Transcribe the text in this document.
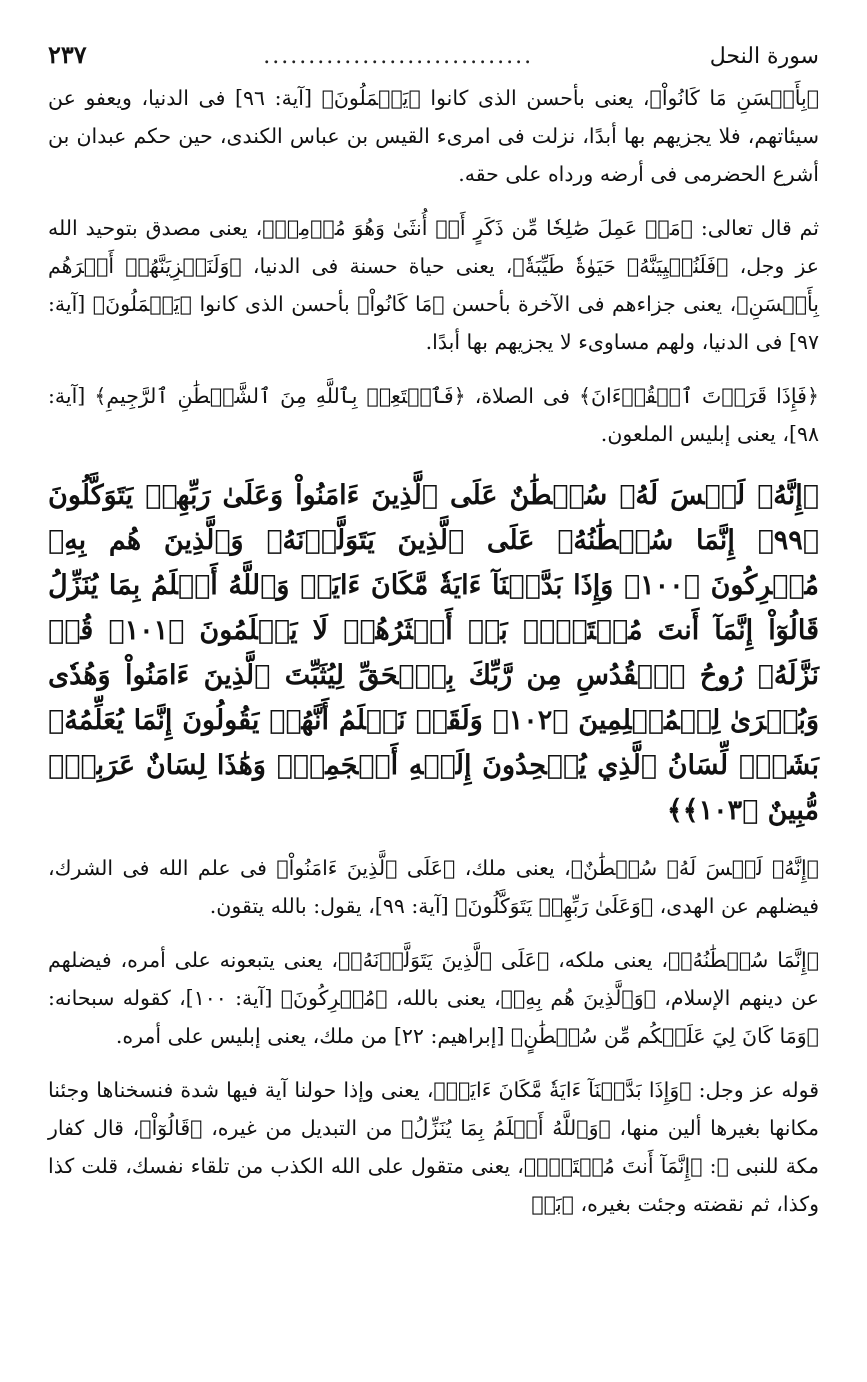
سورة النحل
..............................
٢٣٧

﴿بِأَحۡسَنِ مَا كَانُواْ﴾، يعنى بأحسن الذى كانوا ﴿يَعۡمَلُونَ﴾ [آية: ٩٦] فى الدنيا، ويعفو عن سيئاتهم، فلا يجزيهم بها أبدًا، نزلت فى امرىء القيس بن عباس الكندى، حين حكم عبدان بن أشرع الحضرمى فى أرضه ورداه على حقه.

ثم قال تعالى: ﴿مَنۡ عَمِلَ صَٰلِحٗا مِّن ذَكَرٍ أَوۡ أُنثَىٰ وَهُوَ مُؤۡمِنٞ﴾، يعنى مصدق بتوحيد الله عز وجل، ﴿فَلَنُحۡيِيَنَّهُۥ حَيَوٰةٗ طَيِّبَةٗ﴾، يعنى حياة حسنة فى الدنيا، ﴿وَلَنَجۡزِيَنَّهُمۡ أَجۡرَهُم بِأَحۡسَنِ﴾، يعنى جزاءهم فى الآخرة بأحسن ﴿مَا كَانُواْ﴾ بأحسن الذى كانوا ﴿يَعۡمَلُونَ﴾ [آية: ٩٧] فى الدنيا، ولهم مساوىء لا يجزيهم بها أبدًا.

﴿فَإِذَا قَرَأۡتَ ٱلۡقُرۡءَانَ﴾ فى الصلاة، ﴿فَٱسۡتَعِذۡ بِٱللَّهِ مِنَ ٱلشَّيۡطَٰنِ ٱلرَّجِيمِ﴾ [آية: ٩٨]، يعنى إبليس الملعون.

﴿إِنَّهُۥ لَيۡسَ لَهُۥ سُلۡطَٰنٌ عَلَى ٱلَّذِينَ ءَامَنُواْ وَعَلَىٰ رَبِّهِمۡ يَتَوَكَّلُونَ ﴿٩٩﴾ إِنَّمَا سُلۡطَٰنُهُۥ عَلَى ٱلَّذِينَ يَتَوَلَّوۡنَهُۥ وَٱلَّذِينَ هُم بِهِۦ مُشۡرِكُونَ ﴿١٠٠﴾ وَإِذَا بَدَّلۡنَآ ءَايَةٗ مَّكَانَ ءَايَةٖ وَٱللَّهُ أَعۡلَمُ بِمَا يُنَزِّلُ قَالُوٓاْ إِنَّمَآ أَنتَ مُفۡتَرِۭۚ بَلۡ أَكۡثَرُهُمۡ لَا يَعۡلَمُونَ ﴿١٠١﴾ قُلۡ نَزَّلَهُۥ رُوحُ ٱلۡقُدُسِ مِن رَّبِّكَ بِٱلۡحَقِّ لِيُثَبِّتَ ٱلَّذِينَ ءَامَنُواْ وَهُدٗى وَبُشۡرَىٰ لِلۡمُسۡلِمِينَ ﴿١٠٢﴾ وَلَقَدۡ نَعۡلَمُ أَنَّهُمۡ يَقُولُونَ إِنَّمَا يُعَلِّمُهُۥ بَشَرٞۗ لِّسَانُ ٱلَّذِي يُلۡحِدُونَ إِلَيۡهِ أَعۡجَمِيّٞ وَهَٰذَا لِسَانٌ عَرَبِيّٞ مُّبِينٌ ﴿١٠٣﴾﴾

﴿إِنَّهُۥ لَيۡسَ لَهُۥ سُلۡطَٰنٌ﴾، يعنى ملك، ﴿عَلَى ٱلَّذِينَ ءَامَنُواْ﴾ فى علم الله فى الشرك، فيضلهم عن الهدى، ﴿وَعَلَىٰ رَبِّهِمۡ يَتَوَكَّلُونَ﴾ [آية: ٩٩]، يقول: بالله يتقون.

﴿إِنَّمَا سُلۡطَٰنُهُۥ﴾، يعنى ملكه، ﴿عَلَى ٱلَّذِينَ يَتَوَلَّوۡنَهُۥ﴾، يعنى يتبعونه على أمره، فيضلهم عن دينهم الإسلام، ﴿وَٱلَّذِينَ هُم بِهِۦ﴾، يعنى بالله، ﴿مُشۡرِكُونَ﴾ [آية: ١٠٠]، كقوله سبحانه: ﴿وَمَا كَانَ لِيَ عَلَيۡكُم مِّن سُلۡطَٰنٍ﴾ [إبراهيم: ٢٢] من ملك، يعنى إبليس على أمره.

قوله عز وجل: ﴿وَإِذَا بَدَّلۡنَآ ءَايَةٗ مَّكَانَ ءَايَةٖ﴾، يعنى وإذا حولنا آية فيها شدة فنسخناها وجئنا مكانها بغيرها ألين منها، ﴿وَٱللَّهُ أَعۡلَمُ بِمَا يُنَزِّلُ﴾ من التبديل من غيره، ﴿قَالُوٓاْ﴾، قال كفار مكة للنبى ﷺ: ﴿إِنَّمَآ أَنتَ مُفۡتَرِۭ﴾، يعنى متقول على الله الكذب من تلقاء نفسك، قلت كذا وكذا، ثم نقضته وجئت بغيره، ﴿بَلۡ
